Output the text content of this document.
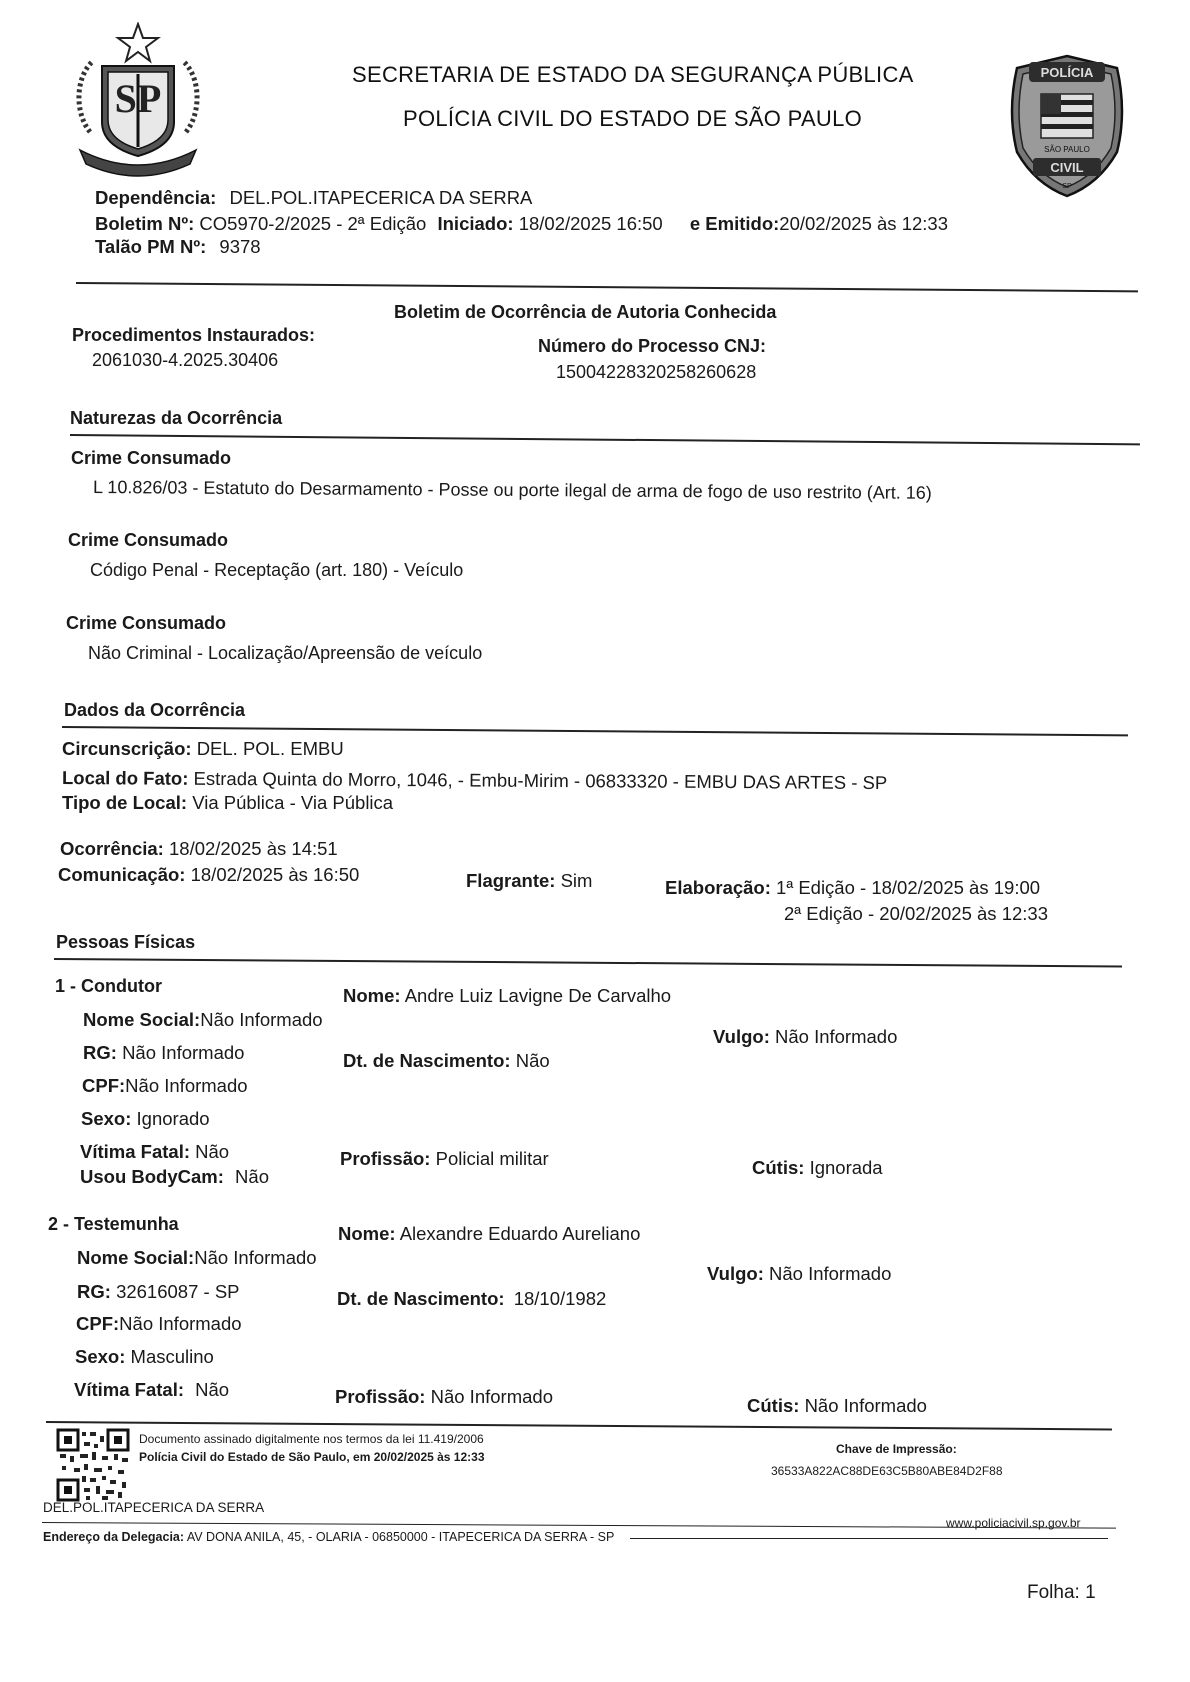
SP
SECRETARIA DE ESTADO DA SEGURANÇA PÚBLICA
POLÍCIA CIVIL DO ESTADO DE SÃO PAULO
POLÍCIA
SÃO PAULO
CIVIL
SP
Dependência: DEL.POL.ITAPECERICA DA SERRA
Boletim Nº: CO5970-2/2025 - 2ª Edição Iniciado: 18/02/2025 16:50 e Emitido:20/02/2025 às 12:33
Talão PM Nº: 9378
Boletim de Ocorrência de Autoria Conhecida
Procedimentos Instaurados:
2061030-4.2025.30406
Número do Processo CNJ:
15004228320258260628
Naturezas da Ocorrência
Crime Consumado
L 10.826/03 - Estatuto do Desarmamento - Posse ou porte ilegal de arma de fogo de uso restrito (Art. 16)
Crime Consumado
Código Penal - Receptação (art. 180) - Veículo
Crime Consumado
Não Criminal - Localização/Apreensão de veículo
Dados da Ocorrência
Circunscrição: DEL. POL. EMBU
Local do Fato: Estrada Quinta do Morro, 1046, - Embu-Mirim - 06833320 - EMBU DAS ARTES - SP
Tipo de Local: Via Pública - Via Pública
Ocorrência: 18/02/2025 às 14:51
Comunicação: 18/02/2025 às 16:50	Flagrante: Sim	Elaboração: 1ª Edição - 18/02/2025 às 19:00
2ª Edição - 20/02/2025 às 12:33
Pessoas Físicas
1 - Condutor	Nome: Andre Luiz Lavigne De Carvalho
Nome Social:Não Informado
Vulgo: Não Informado
RG: Não Informado	Dt. de Nascimento: Não
CPF:Não Informado
Sexo: Ignorado
Vítima Fatal: Não	Profissão: Policial militar	Cútis: Ignorada
Usou BodyCam: Não
2 - Testemunha	Nome: Alexandre Eduardo Aureliano
Nome Social:Não Informado
Vulgo: Não Informado
RG: 32616087 - SP	Dt. de Nascimento: 18/10/1982
CPF:Não Informado
Sexo: Masculino
Vítima Fatal: Não	Profissão: Não Informado	Cútis: Não Informado
Documento assinado digitalmente nos termos da lei 11.419/2006
Polícia Civil do Estado de São Paulo, em 20/02/2025 às 12:33
Chave de Impressão:
36533A822AC88DE63C5B80ABE84D2F88
DEL.POL.ITAPECERICA DA SERRA
Endereço da Delegacia: AV DONA ANILA, 45, - OLARIA - 06850000 - ITAPECERICA DA SERRA - SP
www.policiacivil.sp.gov.br
Folha: 1
